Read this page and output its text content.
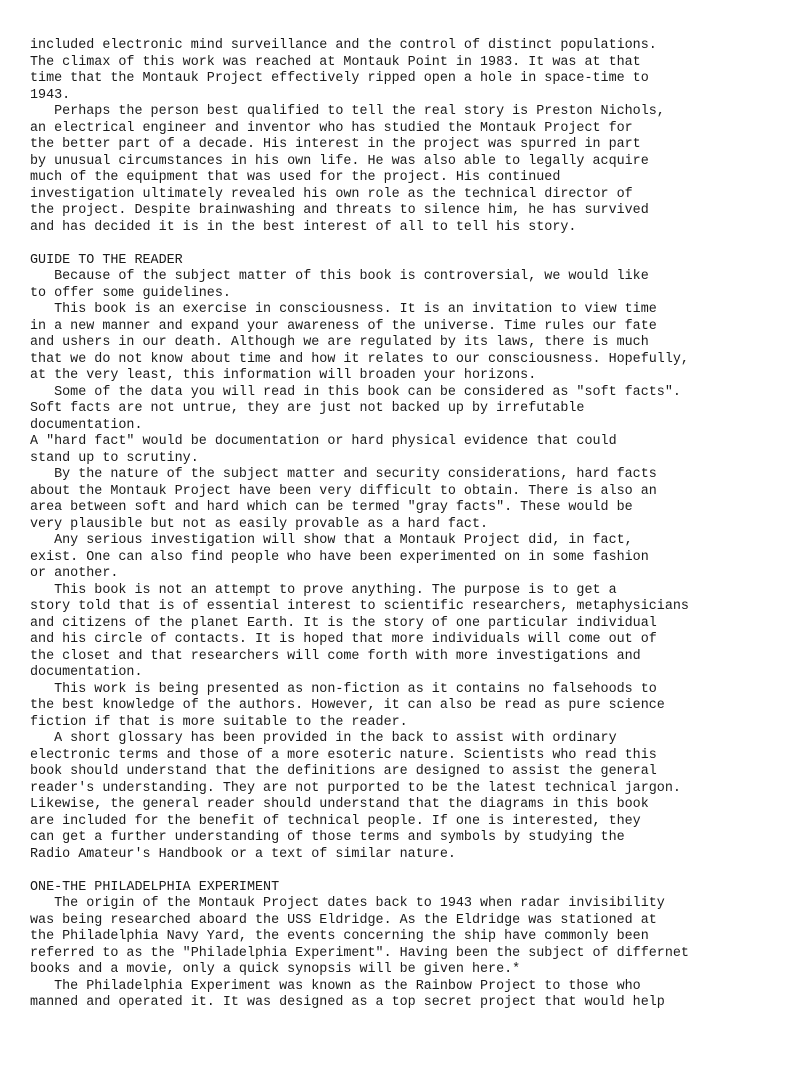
included electronic mind surveillance and the control of distinct populations.
The climax of this work was reached at Montauk Point in 1983. It was at that
time that the Montauk Project effectively ripped open a hole in space-time to
1943.
Perhaps the person best qualified to tell the real story is Preston Nichols,
an electrical engineer and inventor who has studied the Montauk Project for
the better part of a decade. His interest in the project was spurred in part
by unusual circumstances in his own life. He was also able to legally acquire
much of the equipment that was used for the project. His continued
investigation ultimately revealed his own role as the technical director of
the project. Despite brainwashing and threats to silence him, he has survived
and has decided it is in the best interest of all to tell his story.
GUIDE TO THE READER
Because of the subject matter of this book is controversial, we would like
to offer some guidelines.
This book is an exercise in consciousness. It is an invitation to view time
in a new manner and expand your awareness of the universe. Time rules our fate
and ushers in our death. Although we are regulated by its laws, there is much
that we do not know about time and how it relates to our consciousness. Hopefully,
at the very least, this information will broaden your horizons.
Some of the data you will read in this book can be considered as "soft facts".
Soft facts are not untrue, they are just not backed up by irrefutable
documentation.
A "hard fact" would be documentation or hard physical evidence that could
stand up to scrutiny.
By the nature of the subject matter and security considerations, hard facts
about the Montauk Project have been very difficult to obtain. There is also an
area between soft and hard which can be termed "gray facts". These would be
very plausible but not as easily provable as a hard fact.
Any serious investigation will show that a Montauk Project did, in fact,
exist. One can also find people who have been experimented on in some fashion
or another.
This book is not an attempt to prove anything. The purpose is to get a
story told that is of essential interest to scientific researchers, metaphysicians
and citizens of the planet Earth. It is the story of one particular individual
and his circle of contacts. It is hoped that more individuals will come out of
the closet and that researchers will come forth with more investigations and
documentation.
This work is being presented as non-fiction as it contains no falsehoods to
the best knowledge of the authors. However, it can also be read as pure science
fiction if that is more suitable to the reader.
A short glossary has been provided in the back to assist with ordinary
electronic terms and those of a more esoteric nature. Scientists who read this
book should understand that the definitions are designed to assist the general
reader's understanding. They are not purported to be the latest technical jargon.
Likewise, the general reader should understand that the diagrams in this book
are included for the benefit of technical people. If one is interested, they
can get a further understanding of those terms and symbols by studying the
Radio Amateur's Handbook or a text of similar nature.
ONE-THE PHILADELPHIA EXPERIMENT
The origin of the Montauk Project dates back to 1943 when radar invisibility
was being researched aboard the USS Eldridge. As the Eldridge was stationed at
the Philadelphia Navy Yard, the events concerning the ship have commonly been
referred to as the "Philadelphia Experiment". Having been the subject of differnet
books and a movie, only a quick synopsis will be given here.*
The Philadelphia Experiment was known as the Rainbow Project to those who
manned and operated it. It was designed as a top secret project that would help
